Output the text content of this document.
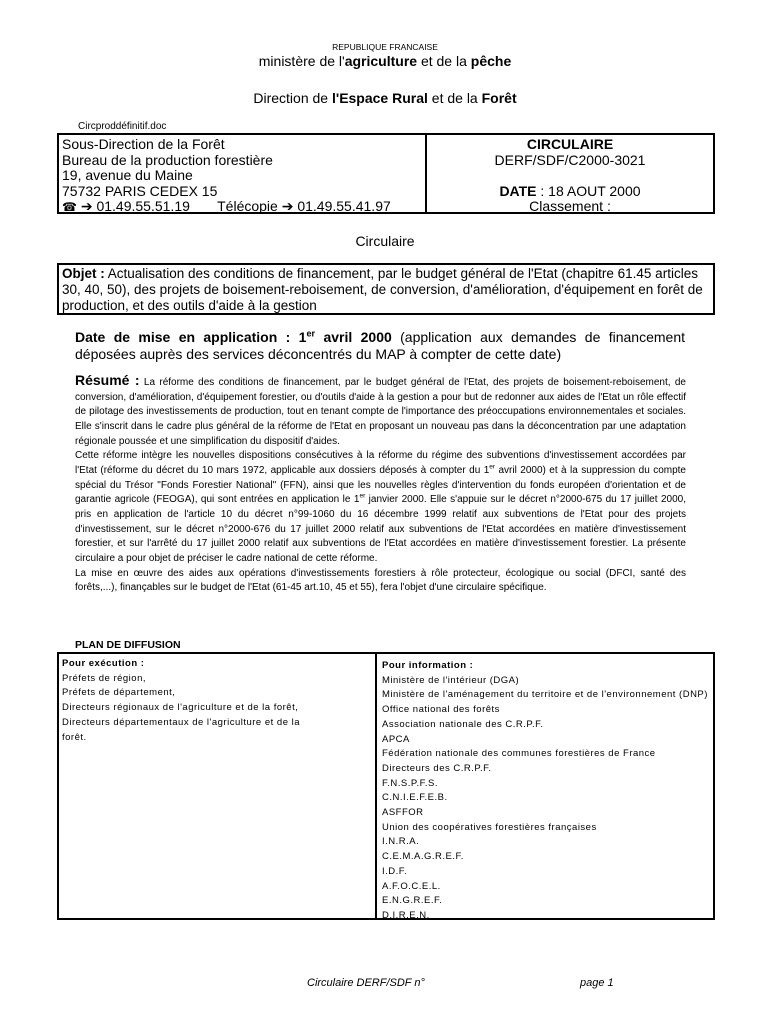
REPUBLIQUE FRANCAISE
ministère de l'agriculture et de la pêche
Direction de l'Espace Rural et de la Forêt
Circproddéfinitif.doc
Sous-Direction de la Forêt
Bureau de la production forestière
19, avenue du Maine
75732 PARIS CEDEX 15
☎ ➔ 01.49.55.51.19 Télécopie ➔ 01.49.55.41.97
CIRCULAIRE
DERF/SDF/C2000-3021
DATE : 18 AOUT 2000
Classement :
Circulaire
Objet : Actualisation des conditions de financement, par le budget général de l'Etat (chapitre 61.45 articles 30, 40, 50), des projets de boisement-reboisement, de conversion, d'amélioration, d'équipement en forêt de production, et des outils d'aide à la gestion
Date de mise en application : 1er avril 2000 (application aux demandes de financement déposées auprès des services déconcentrés du MAP à compter de cette date)

Résumé : La réforme des conditions de financement, par le budget général de l'Etat, des projets de boisement-reboisement, de conversion, d'amélioration, d'équipement forestier, ou d'outils d'aide à la gestion a pour but de redonner aux aides de l'Etat un rôle effectif de pilotage des investissements de production, tout en tenant compte de l'importance des préoccupations environnementales et sociales. Elle s'inscrit dans le cadre plus général de la réforme de l'Etat en proposant un nouveau pas dans la déconcentration par une adaptation régionale poussée et une simplification du dispositif d'aides.

Cette réforme intègre les nouvelles dispositions consécutives à la réforme du régime des subventions d'investissement accordées par l'Etat (réforme du décret du 10 mars 1972, applicable aux dossiers déposés à compter du 1er avril 2000) et à la suppression du compte spécial du Trésor "Fonds Forestier National" (FFN), ainsi que les nouvelles règles d'intervention du fonds européen d'orientation et de garantie agricole (FEOGA), qui sont entrées en application le 1er janvier 2000. Elle s'appuie sur le décret n°2000-675 du 17 juillet 2000, pris en application de l'article 10 du décret n°99-1060 du 16 décembre 1999 relatif aux subventions de l'Etat pour des projets d'investissement, sur le décret n°2000-676 du 17 juillet 2000 relatif aux subventions de l'Etat accordées en matière d'investissement forestier, et sur l'arrêté du 17 juillet 2000 relatif aux subventions de l'Etat accordées en matière d'investissement forestier. La présente circulaire a pour objet de préciser le cadre national de cette réforme.

La mise en œuvre des aides aux opérations d'investissements forestiers à rôle protecteur, écologique ou social (DFCI, santé des forêts,...), finançables sur le budget de l'Etat (61-45 art.10, 45 et 55), fera l'objet d'une circulaire spécifique.

PLAN DE DIFFUSION
Pour exécution :
Préfets de région,
Préfets de département,
Directeurs régionaux de l'agriculture et de la forêt,
Directeurs départementaux de l'agriculture et de la
forêt.
Pour information :
Ministère de l'intérieur (DGA)
Ministère de l'aménagement du territoire et de l'environnement (DNP)
Office national des forêts
Association nationale des C.R.P.F.
APCA
Fédération nationale des communes forestières de France
Directeurs des C.R.P.F.
F.N.S.P.F.S.
C.N.I.E.F.E.B.
ASFFOR
Union des coopératives forestières françaises
I.N.R.A.
C.E.M.A.G.R.E.F.
I.D.F.
A.F.O.C.E.L.
E.N.G.R.E.F.
D.I.R.E.N.
Circulaire DERF/SDF n°	page 1
